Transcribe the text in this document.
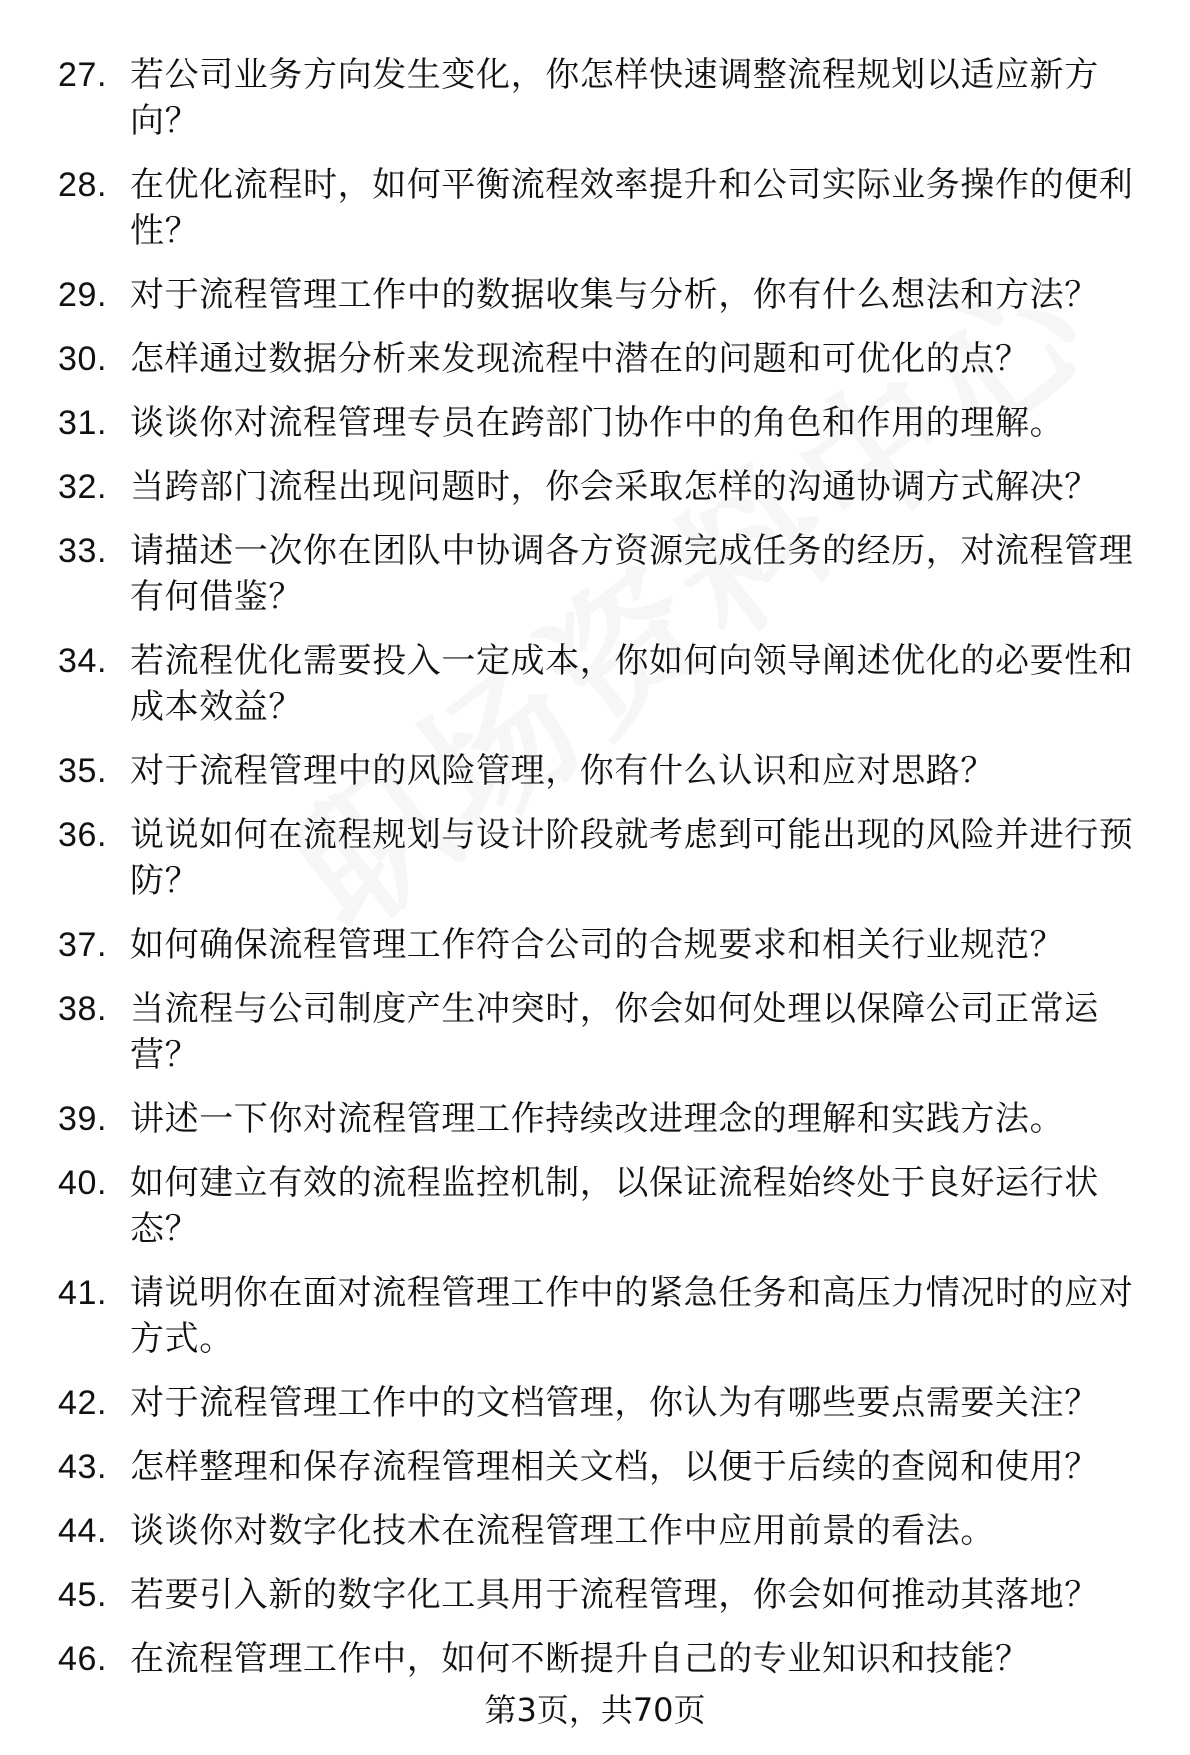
27. 若公司业务方向发生变化，你怎样快速调整流程规划以适应新方向？
28. 在优化流程时，如何平衡流程效率提升和公司实际业务操作的便利性？
29. 对于流程管理工作中的数据收集与分析，你有什么想法和方法？
30. 怎样通过数据分析来发现流程中潜在的问题和可优化的点？
31. 谈谈你对流程管理专员在跨部门协作中的角色和作用的理解。
32. 当跨部门流程出现问题时，你会采取怎样的沟通协调方式解决？
33. 请描述一次你在团队中协调各方资源完成任务的经历，对流程管理有何借鉴？
34. 若流程优化需要投入一定成本，你如何向领导阐述优化的必要性和成本效益？
35. 对于流程管理中的风险管理，你有什么认识和应对思路？
36. 说说如何在流程规划与设计阶段就考虑到可能出现的风险并进行预防？
37. 如何确保流程管理工作符合公司的合规要求和相关行业规范？
38. 当流程与公司制度产生冲突时，你会如何处理以保障公司正常运营？
39. 讲述一下你对流程管理工作持续改进理念的理解和实践方法。
40. 如何建立有效的流程监控机制，以保证流程始终处于良好运行状态？
41. 请说明你在面对流程管理工作中的紧急任务和高压力情况时的应对方式。
42. 对于流程管理工作中的文档管理，你认为有哪些要点需要关注？
43. 怎样整理和保存流程管理相关文档，以便于后续的查阅和使用？
44. 谈谈你对数字化技术在流程管理工作中应用前景的看法。
45. 若要引入新的数字化工具用于流程管理，你会如何推动其落地？
46. 在流程管理工作中，如何不断提升自己的专业知识和技能？
第3页，共70页
